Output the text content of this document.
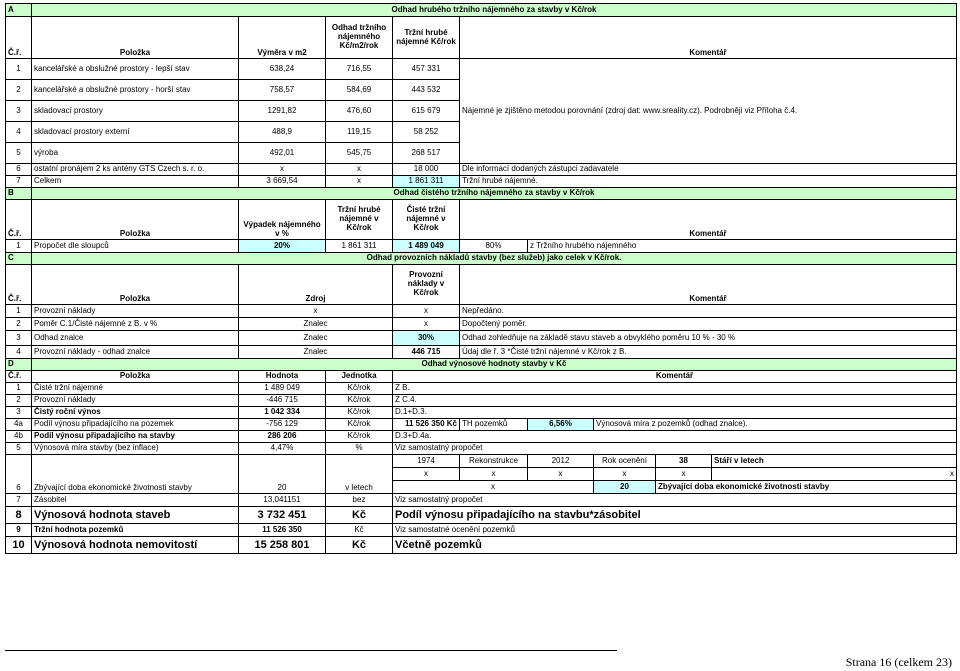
A	Odhad hrubého tržního nájemného za stavby v Kč/rok								
Č.ř.	Položka	Výměra v m2	Odhad tržního nájemného Kč/m2/rok	Tržní hrubé nájemné Kč/rok	Komentář				
1	kancelářské a obslužné prostory - lepší stav	638,24	716,55	457 331	Nájemné je zjištěno metodou porovnání (zdroj dat: www.sreality.cz). Podrobněji viz Příloha č.4.				
2	kancelářské a obslužné prostory - horší stav	758,57	584,69	443 532					
3	skladovací prostory	1291,82	476,60	615 679					
4	skladovací prostory externí	488,9	119,15	58 252					
5	výroba	492,01	545,75	268 517					
6	ostatní pronájem 2 ks antény GTS Czech s. r. o.	x	x	18 000	Dle informací dodaných zástupci zadavatele				
7	Celkem	3 669,54	x	1 861 311	Tržní hrubé nájemné.				
B	Odhad čistého tržního nájemného za stavby v Kč/rok								
Č.ř.	Položka	Výpadek nájemného v %	Tržní hrubé nájemné v Kč/rok	Čisté tržní nájemné v Kč/rok	Komentář				
1	Propočet dle sloupců	20%	1 861 311	1 489 049	80%	z Tržního hrubého nájemného			
C	Odhad provozních nákladů stavby (bez služeb) jako celek v Kč/rok.								
Č.ř.	Položka	Zdroj		Provozní náklady v Kč/rok	Komentář				
1	Provozní náklady	x		x	Nepředáno.				
2	Poměr C.1/Čisté nájemné z B. v %	Znalec		x	Dopočtený poměr.				
3	Odhad znalce	Znalec		30%	Odhad zohledňuje na základě stavu staveb a obvyklého poměru 10 % - 30 %				
4	Provozní náklady - odhad znalce	Znalec		446 715	Údaj dle ř. 3 *Čisté tržní nájemné v Kč/rok z B.				
D	Odhad výnosové hodnoty stavby v Kč								
Č.ř.	Položka	Hodnota	Jednotka	Komentář					
1	Čisté tržní nájemné	1 489 049	Kč/rok	Z B.					
2	Provozní náklady	-446 715	Kč/rok	Z C.4.					
3	Čistý roční výnos	1 042 334	Kč/rok	D.1+D.3.					
4a	Podíl výnosu připadajícího na pozemek	-756 129	Kč/rok	11 526 350 Kč	TH pozemků	6,56%	Výnosová míra z pozemků (odhad znalce).		
4b	Podíl výnosu připadajícího na stavby	286 206	Kč/rok	D.3+D.4a.					
5	Výnosová míra stavby (bez inflace)	4,47%	%	Viz samostatný propočet					
6	Zbývající doba ekonomické životnosti stavby	20	v letech	1974	Rekonstrukce	2012	Rok ocenění	38	Stáří v letech
				x	x	x	x	x	x
				x			20	Zbývající doba ekonomické životnosti stavby	
7	Zásobitel	13,041151	bez	Viz samostatný propočet					
8	Výnosová hodnota staveb	3 732 451	Kč	Podíl výnosu připadajícího na stavbu*zásobitel					
9	Tržní hodnota pozemků	11 526 350	Kč	Viz samostatné ocenění pozemků					
10	Výnosová hodnota nemovitostí	15 258 801	Kč	Včetně pozemků					
Strana 16 (celkem 23)
